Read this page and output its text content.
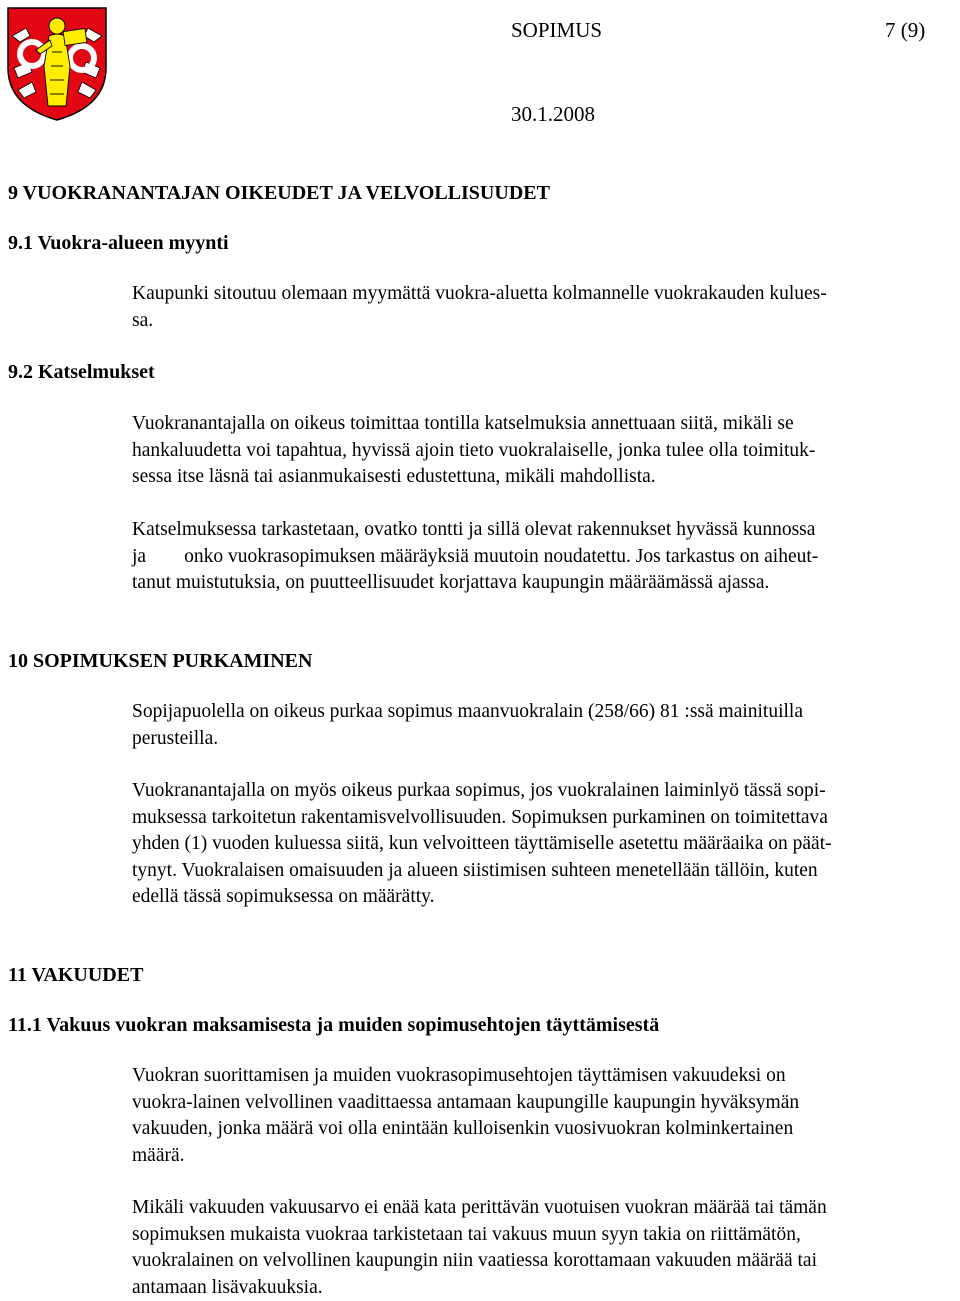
SOPIMUS	7 (9)
30.1.2008
9 VUOKRANANTAJAN OIKEUDET JA VELVOLLISUUDET
9.1 Vuokra-alueen myynti
Kaupunki sitoutuu olemaan myymättä vuokra-aluetta kolmannelle vuokrakauden kulues-
sa.
9.2 Katselmukset
Vuokranantajalla on oikeus toimittaa tontilla katselmuksia annettuaan siitä, mikäli se
hankaluudetta voi tapahtua, hyvissä ajoin tieto vuokralaiselle, jonka tulee olla toimituk-
sessa itse läsnä tai asianmukaisesti edustettuna, mikäli mahdollista.
Katselmuksessa tarkastetaan, ovatko tontti ja sillä olevat rakennukset hyvässä kunnossa
ja onko vuokrasopimuksen määräyksiä muutoin noudatettu. Jos tarkastus on aiheut-
tanut muistutuksia, on puutteellisuudet korjattava kaupungin määräämässä ajassa.
10 SOPIMUKSEN PURKAMINEN
Sopijapuolella on oikeus purkaa sopimus maanvuokralain (258/66) 81 :ssä mainituilla
perusteilla.
Vuokranantajalla on myös oikeus purkaa sopimus, jos vuokralainen laiminlyö tässä sopi-
muksessa tarkoitetun rakentamisvelvollisuuden. Sopimuksen purkaminen on toimitettava
yhden (1) vuoden kuluessa siitä, kun velvoitteen täyttämiselle asetettu määräaika on päät-
tynyt. Vuokralaisen omaisuuden ja alueen siistimisen suhteen menetellään tällöin, kuten
edellä tässä sopimuksessa on määrätty.
11 VAKUUDET
11.1 Vakuus vuokran maksamisesta ja muiden sopimusehtojen täyttämisestä
Vuokran suorittamisen ja muiden vuokrasopimusehtojen täyttämisen vakuudeksi on
vuokra-lainen velvollinen vaadittaessa antamaan kaupungille kaupungin hyväksymän
vakuuden, jonka määrä voi olla enintään kulloisenkin vuosivuokran kolminkertainen
määrä.
Mikäli vakuuden vakuusarvo ei enää kata perittävän vuotuisen vuokran määrää tai tämän
sopimuksen mukaista vuokraa tarkistetaan tai vakuus muun syyn takia on riittämätön,
vuokralainen on velvollinen kaupungin niin vaatiessa korottamaan vakuuden määrää tai
antamaan lisävakuuksia.
